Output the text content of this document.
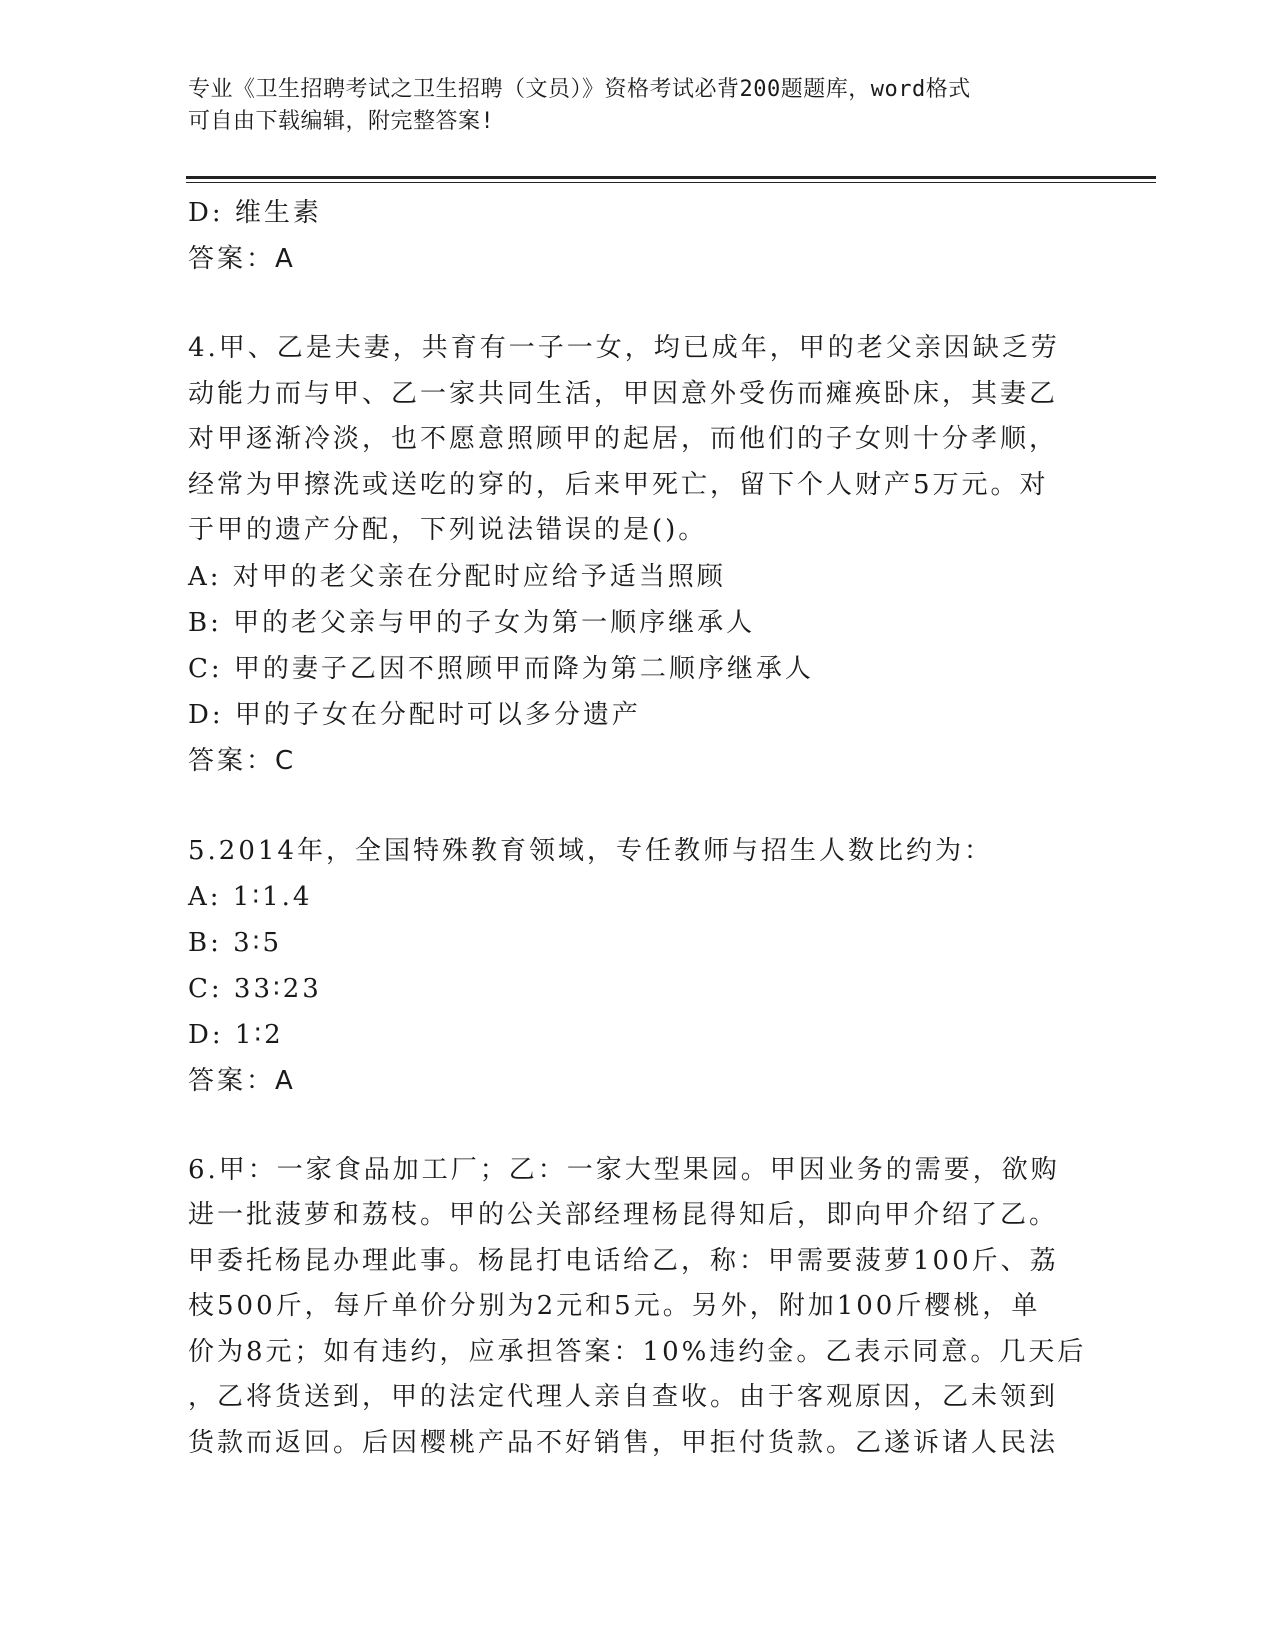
专业《卫生招聘考试之卫生招聘（文员）》资格考试必背200题题库，word格式
可自由下载编辑，附完整答案!
D: 维生素
答案：A
4.甲、乙是夫妻，共育有一子一女，均已成年，甲的老父亲因缺乏劳
动能力而与甲、乙一家共同生活，甲因意外受伤而瘫痪卧床，其妻乙
对甲逐渐冷淡，也不愿意照顾甲的起居，而他们的子女则十分孝顺，
经常为甲擦洗或送吃的穿的，后来甲死亡，留下个人财产5万元。对
于甲的遗产分配，下列说法错误的是()。
A: 对甲的老父亲在分配时应给予适当照顾
B: 甲的老父亲与甲的子女为第一顺序继承人
C: 甲的妻子乙因不照顾甲而降为第二顺序继承人
D: 甲的子女在分配时可以多分遗产
答案：C
5.2014年，全国特殊教育领域，专任教师与招生人数比约为：
A: 1∶1.4
B: 3∶5
C: 33∶23
D: 1∶2
答案：A
6.甲：一家食品加工厂；乙：一家大型果园。甲因业务的需要，欲购
进一批菠萝和荔枝。甲的公关部经理杨昆得知后，即向甲介绍了乙。
甲委托杨昆办理此事。杨昆打电话给乙，称：甲需要菠萝100斤、荔
枝500斤，每斤单价分别为2元和5元。另外，附加100斤樱桃，单
价为8元；如有违约，应承担答案：10%违约金。乙表示同意。几天后
，乙将货送到，甲的法定代理人亲自查收。由于客观原因，乙未领到
货款而返回。后因樱桃产品不好销售，甲拒付货款。乙遂诉诸人民法
